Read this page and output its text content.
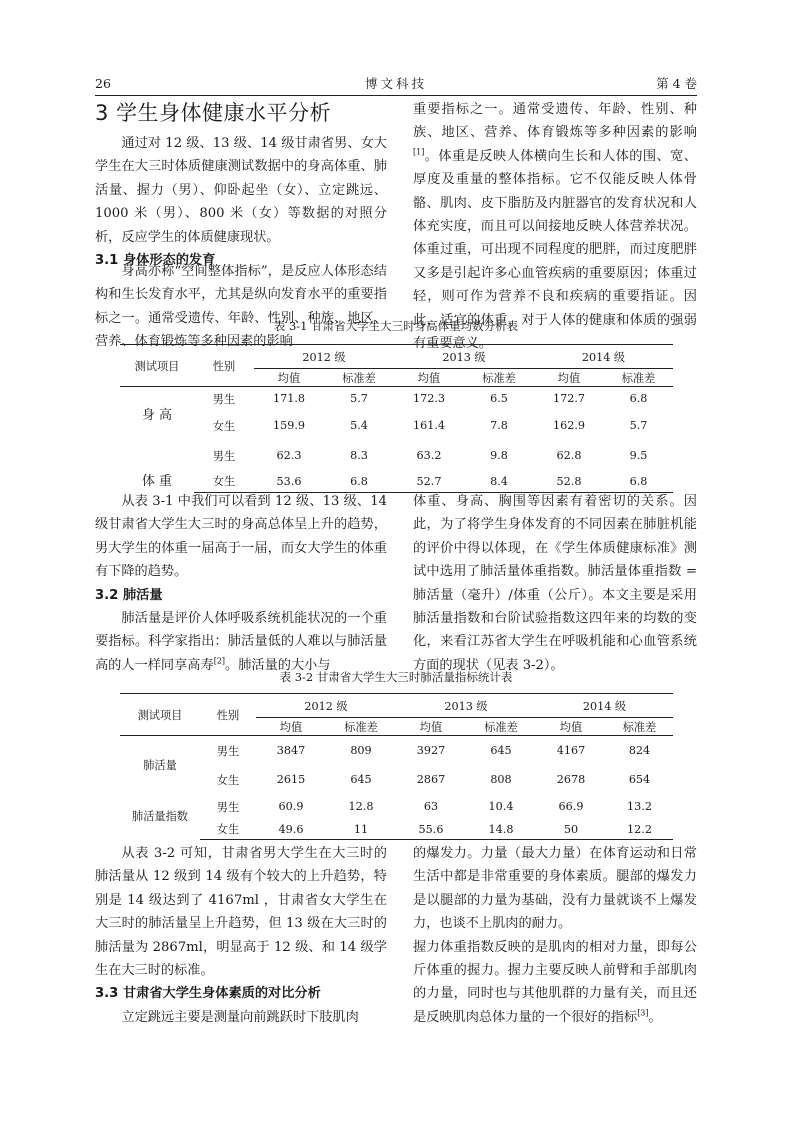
26	博文科技	第 4 卷
3 学生身体健康水平分析

通过对 12 级、13 级、14 级甘肃省男、女大学生在大三时体质健康测试数据中的身高体重、肺活量、握力（男）、仰卧起坐（女）、立定跳远、1000 米（男）、800 米（女）等数据的对照分析，反应学生的体质健康现状。

3.1 身体形态的发育

身高亦称“空间整体指标”，是反应人体形态结构和生长发育水平，尤其是纵向发育水平的重要指标之一。通常受遗传、年龄、性别、种族、地区、营养、体育锻炼等多种因素的影响

重要指标之一。通常受遗传、年龄、性别、种族、地区、营养、体育锻炼等多种因素的影响[1]。体重是反映人体横向生长和人体的围、宽、厚度及重量的整体指标。它不仅能反映人体骨骼、肌肉、皮下脂肪及内脏器官的发育状况和人体充实度，而且可以间接地反映人体营养状况。体重过重，可出现不同程度的肥胖，而过度肥胖又多是引起许多心血管疾病的重要原因；体重过轻，则可作为营养不良和疾病的重要指证。因此，适宜的体重，对于人体的健康和体质的强弱有重要意义。

表 3-1 甘肃省大学生大三时身高体重均数分析表
测试项目	性别	2012 级		2013 级		2014 级	
		均值	标准差	均值	标准差	均值	标准差
身 高	男生	171.8	5.7	172.3	6.5	172.7	6.8
	女生	159.9	5.4	161.4	7.8	162.9	5.7
体 重	男生	62.3	8.3	63.2	9.8	62.8	9.5
	女生	53.6	6.8	52.7	8.4	52.8	6.8

从表 3-1 中我们可以看到 12 级、13 级、14 级甘肃省大学生大三时的身高总体呈上升的趋势，男大学生的体重一届高于一届，而女大学生的体重有下降的趋势。

3.2 肺活量

肺活量是评价人体呼吸系统机能状况的一个重要指标。科学家指出：肺活量低的人难以与肺活量高的人一样同享高寿[2]。肺活量的大小与

体重、身高、胸围等因素有着密切的关系。因此，为了将学生身体发育的不同因素在肺脏机能的评价中得以体现，在《学生体质健康标准》测试中选用了肺活量体重指数。肺活量体重指数 = 肺活量（毫升）/体重（公斤）。本文主要是采用肺活量指数和台阶试验指数这四年来的均数的变化，来看江苏省大学生在呼吸机能和心血管系统方面的现状（见表 3-2）。

表 3-2 甘肃省大学生大三时肺活量指标统计表
测试项目	性别	2012 级		2013 级		2014 级	
		均值	标准差	均值	标准差	均值	标准差
肺活量	男生	3847	809	3927	645	4167	824
	女生	2615	645	2867	808	2678	654
肺活量指数	男生	60.9	12.8	63	10.4	66.9	13.2
	女生	49.6	11	55.6	14.8	50	12.2

从表 3-2 可知，甘肃省男大学生在大三时的肺活量从 12 级到 14 级有个较大的上升趋势，特别是 14 级达到了 4167ml ，甘肃省女大学生在大三时的肺活量呈上升趋势，但 13 级在大三时的肺活量为 2867ml，明显高于 12 级、和 14 级学生在大三时的标准。

3.3 甘肃省大学生身体素质的对比分析

立定跳远主要是测量向前跳跃时下肢肌肉

的爆发力。力量（最大力量）在体育运动和日常生活中都是非常重要的身体素质。腿部的爆发力是以腿部的力量为基础，没有力量就谈不上爆发力，也谈不上肌肉的耐力。

握力体重指数反映的是肌肉的相对力量，即每公斤体重的握力。握力主要反映人前臂和手部肌肉的力量，同时也与其他肌群的力量有关，而且还是反映肌肉总体力量的一个很好的指标[3]。
